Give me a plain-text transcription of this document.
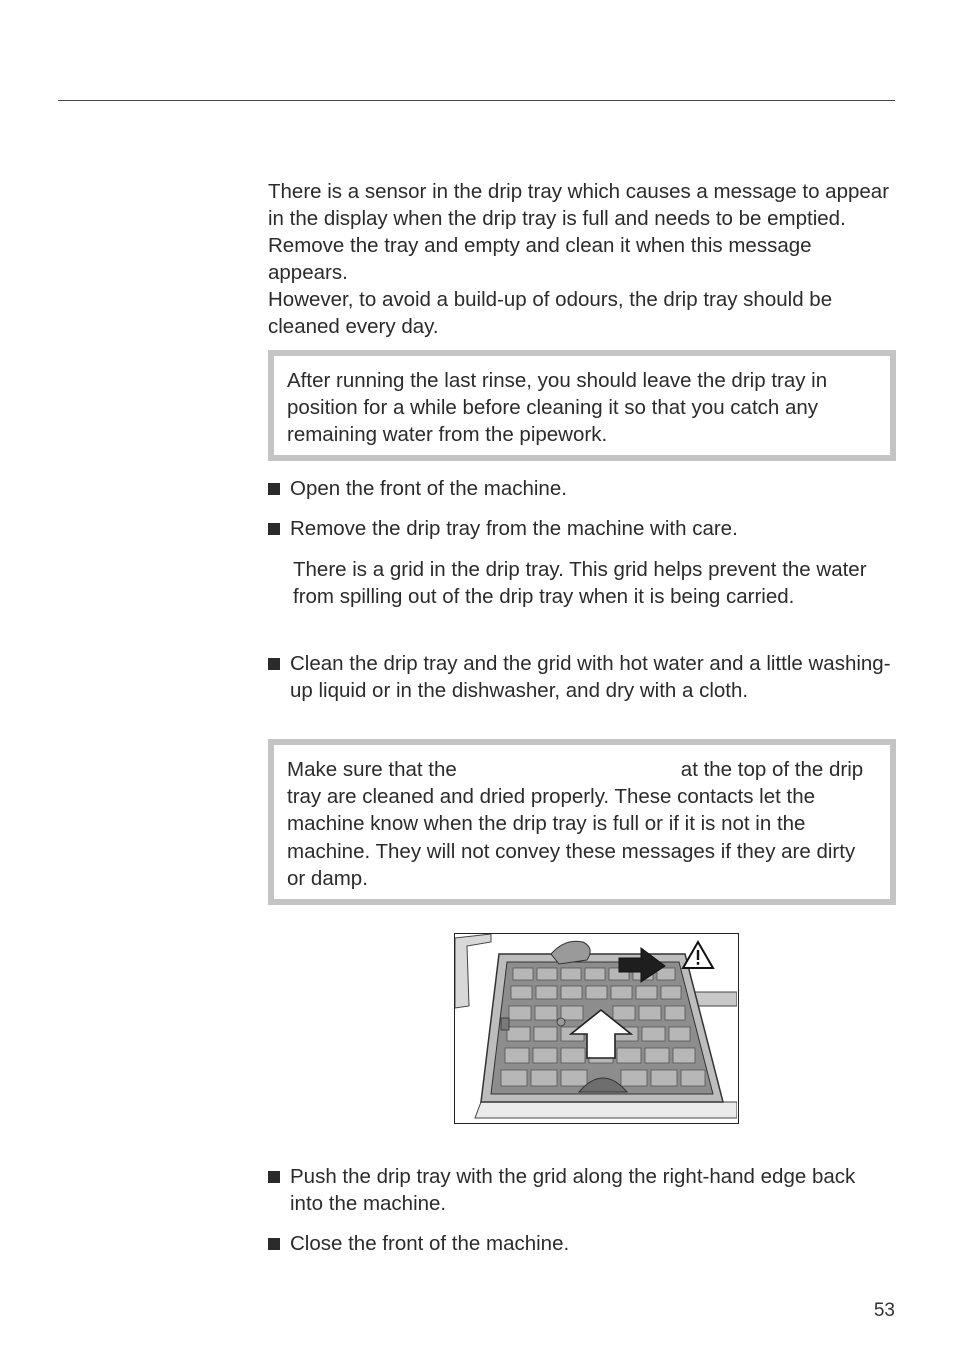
There is a sensor in the drip tray which causes a message to appear in the display when the drip tray is full and needs to be emptied. Remove the tray and empty and clean it when this message appears.
However, to avoid a build-up of odours, the drip tray should be cleaned every day.

After running the last rinse, you should leave the drip tray in position for a while before cleaning it so that you catch any remaining water from the pipework.

Open the front of the machine.
Remove the drip tray from the machine with care.

There is a grid in the drip tray. This grid helps prevent the water from spilling out of the drip tray when it is being carried.

Clean the drip tray and the grid with hot water and a little washing-up liquid or in the dishwasher, and dry with a cloth.

Make sure that the	at the top of the drip tray are cleaned and dried properly. These contacts let the machine know when the drip tray is full or if it is not in the machine. They will not convey these messages if they are dirty or damp.

Push the drip tray with the grid along the right-hand edge back into the machine.
Close the front of the machine.
53
